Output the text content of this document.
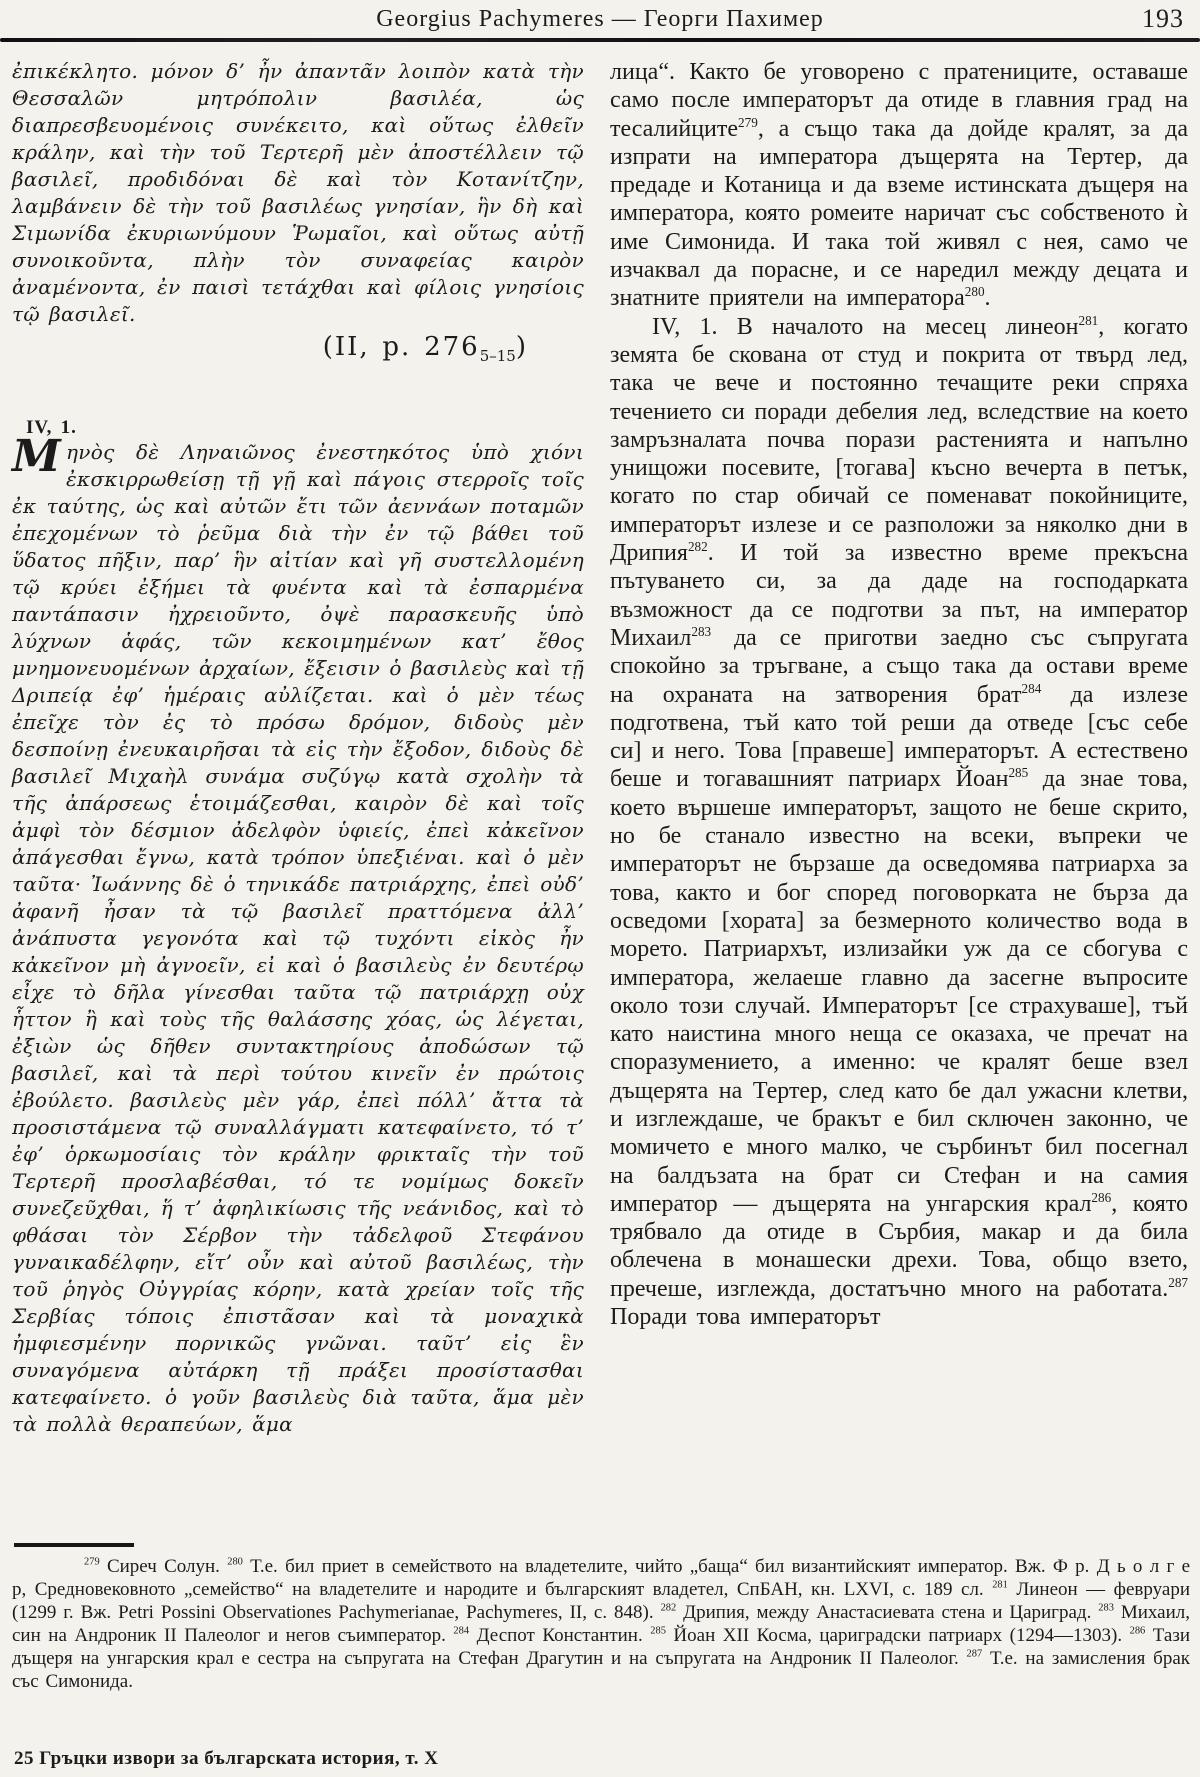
Georgius Pachymeres — Георги Пахимер	193

ἐπικέκλητο. μόνον δ’ ἦν ἀπαντᾶν λοιπὸν κατὰ τὴν Θεσσαλῶν μητρόπολιν βασιλέα, ὡς διαπρεσβευομένοις συνέκειτο, καὶ οὕτως ἐλθεῖν κράλην, καὶ τὴν τοῦ Τερτερῆ μὲν ἀποστέλλειν τῷ βασιλεῖ, προδιδόναι δὲ καὶ τὸν Κοτανίτζην, λαμβάνειν δὲ τὴν τοῦ βασιλέως γνησίαν, ἣν δὴ καὶ Σιμωνίδα ἐκυριωνύμουν Ῥωμαῖοι, καὶ οὕτως αὐτῇ συνοικοῦντα, πλὴν τὸν συναφείας καιρὸν ἀναμένοντα, ἐν παισὶ τετάχθαι καὶ φίλοις γνησίοις τῷ βασιλεῖ.

(II, p. $276_{5-15}$)
IV, 1.

Μηνὸς δὲ Ληναιῶνος ἐνεστηκότος ὑπὸ χιόνι ἐκσκιρρωθείσῃ τῇ γῇ καὶ πάγοις στερροῖς τοῖς ἐκ ταύτης, ὡς καὶ αὐτῶν ἔτι τῶν ἀεννάων ποταμῶν ἐπεχομένων τὸ ῥεῦμα διὰ τὴν ἐν τῷ βάθει τοῦ ὕδατος πῆξιν, παρ’ ἣν αἰτίαν καὶ γῆ συστελλομένη τῷ κρύει ἐξήμει τὰ φυέντα καὶ τὰ ἐσπαρμένα παντάπασιν ἠχρειοῦντο, ὀψὲ παρασκευῆς ὑπὸ λύχνων ἁφάς, τῶν κεκοιμημένων κατ’ ἔθος μνημονευομένων ἀρχαίων, ἔξεισιν ὁ βασιλεὺς καὶ τῇ Δριπείᾳ ἐφ’ ἡμέραις αὐλίζεται. καὶ ὁ μὲν τέως ἐπεῖχε τὸν ἐς τὸ πρόσω δρόμον, διδοὺς μὲν δεσποίνῃ ἐνευκαιρῆσαι τὰ εἰς τὴν ἔξοδον, διδοὺς δὲ βασιλεῖ Μιχαὴλ συνάμα συζύγῳ κατὰ σχολὴν τὰ τῆς ἀπάρσεως ἑτοιμάζεσθαι, καιρὸν δὲ καὶ τοῖς ἀμφὶ τὸν δέσμιον ἀδελφὸν ὑφιείς, ἐπεὶ κἀκεῖνον ἀπάγεσθαι ἔγνω, κατὰ τρόπον ὑπεξιέναι. καὶ ὁ μὲν ταῦτα· Ἰωάννης δὲ ὁ τηνικάδε πατριάρχης, ἐπεὶ οὐδ’ ἀφανῆ ἦσαν τὰ τῷ βασιλεῖ πραττόμενα ἀλλ’ ἀνάπυστα γεγονότα καὶ τῷ τυχόντι εἰκὸς ἦν κἀκεῖνον μὴ ἀγνοεῖν, εἰ καὶ ὁ βασιλεὺς ἐν δευτέρῳ εἶχε τὸ δῆλα γίνεσθαι ταῦτα τῷ πατριάρχῃ οὐχ ἧττον ἢ καὶ τοὺς τῆς θαλάσσης χόας, ὡς λέγεται, ἐξιὼν ὡς δῆθεν συντακτηρίους ἀποδώσων τῷ βασιλεῖ, καὶ τὰ περὶ τούτου κινεῖν ἐν πρώτοις ἐβούλετο. βασιλεὺς μὲν γάρ, ἐπεὶ πόλλ’ ἄττα τὰ προσιστάμενα τῷ συναλλάγματι κατεφαίνετο, τό τ’ ἐφ’ ὁρκωμοσίαις τὸν κράλην φρικταῖς τὴν τοῦ Τερτερῆ προσλαβέσθαι, τό τε νομίμως δοκεῖν συνεζεῦχθαι, ἥ τ’ ἀφηλικίωσις τῆς νεάνιδος, καὶ τὸ φθάσαι τὸν Σέρβον τὴν τἀδελφοῦ Στεφάνου γυναικαδέλφην, εἴτ’ οὖν καὶ αὐτοῦ βασιλέως, τὴν τοῦ ῥηγὸς Οὐγγρίας κόρην, κατὰ χρείαν τοῖς τῆς Σερβίας τόποις ἐπιστᾶσαν καὶ τὰ μοναχικὰ ἠμφιεσμένην πορνικῶς γνῶναι. ταῦτ’ εἰς ἓν συναγόμενα αὐτάρκη τῇ πράξει προσίστασθαι κατεφαίνετο. ὁ γοῦν βασιλεὺς διὰ ταῦτα, ἅμα μὲν τὰ πολλὰ θεραπεύων, ἅμα

лица“. Както бе уговорено с пратениците, оставаше само после императорът да отиде в главния град на тесалийците$^{279}$, а също така да дойде кралят, за да изпрати на императора дъщерята на Тертер, да предаде и Котаница и да вземе истинската дъщеря на императора, която ромеите наричат със собственото ѝ име Симонида. И така той живял с нея, само че изчаквал да порасне, и се наредил между децата и знатните приятели на императора$^{280}$.

IV, 1. В началото на месец линеон$^{281}$, когато земята бе скована от студ и покрита от твърд лед, така че вече и постоянно течащите реки спряха течението си поради дебелия лед, вследствие на което замръзналата почва порази растенията и напълно унищожи посевите, [тогава] късно вечерта в петък, когато по стар обичай се поменават покойниците, императорът излезе и се разположи за няколко дни в Дрипия$^{282}$. И той за известно време прекъсна пътуването си, за да даде на господарката възможност да се подготви за път, на император Михаил$^{283}$ да се приготви заедно със съпругата спокойно за тръгване, а също така да остави време на охраната на затворения брат$^{284}$ да излезе подготвена, тъй като той реши да отведе [със себе си] и него. Това [правеше] императорът. А естествено беше и тогавашният патриарх Йоан$^{285}$ да знае това, което вършеше императорът, защото не беше скрито, но бе станало известно на всеки, въпреки че императорът не бързаше да осведомява патриарха за това, както и бог според поговорката не бърза да осведоми [хората] за безмерното количество вода в морето. Патриархът, излизайки уж да се сбогува с императора, желаеше главно да засегне въпросите около този случай. Императорът [се страхуваше], тъй като наистина много неща се оказаха, че пречат на споразумението, а именно: че кралят беше взел дъщерята на Тертер, след като бе дал ужасни клетви, и изглеждаше, че бракът е бил сключен законно, че момичето е много малко, че сърбинът бил посегнал на балдъзата на брат си Стефан и на самия император — дъщерята на унгарския крал$^{286}$, която трябвало да отиде в Сърбия, макар и да била облечена в монашески дрехи. Това, общо взето, пречеше, изглежда, достатъчно много на работата.$^{287}$ Поради това императорът

$^{279}$ Сиреч Солун. $^{280}$ Т.е. бил приет в семейството на владетелите, чийто „баща“ бил византийският император. Вж. Ф р. Д ь о л г е р, Средновековното „семейство“ на владетелите и народите и българският владетел, СпБАН, кн. LXVI, с. 189 сл. $^{281}$ Линеон — февруари (1299 г. Вж. Petri Possini Observationes Pachymerianae, Pachymeres, II, с. 848). $^{282}$ Дрипия, между Анастасиевата стена и Цариград. $^{283}$ Михаил, син на Андроник II Палеолог и негов съимператор. $^{284}$ Деспот Константин. $^{285}$ Йоан XII Косма, цариградски патриарх (1294—1303). $^{286}$ Тази дъщеря на унгарския крал е сестра на съпругата на Стефан Драгутин и на съпругата на Андроник II Палеолог. $^{287}$ Т.е. на замисления брак със Симонида.

25 Гръцки извори за българската история, т. X
